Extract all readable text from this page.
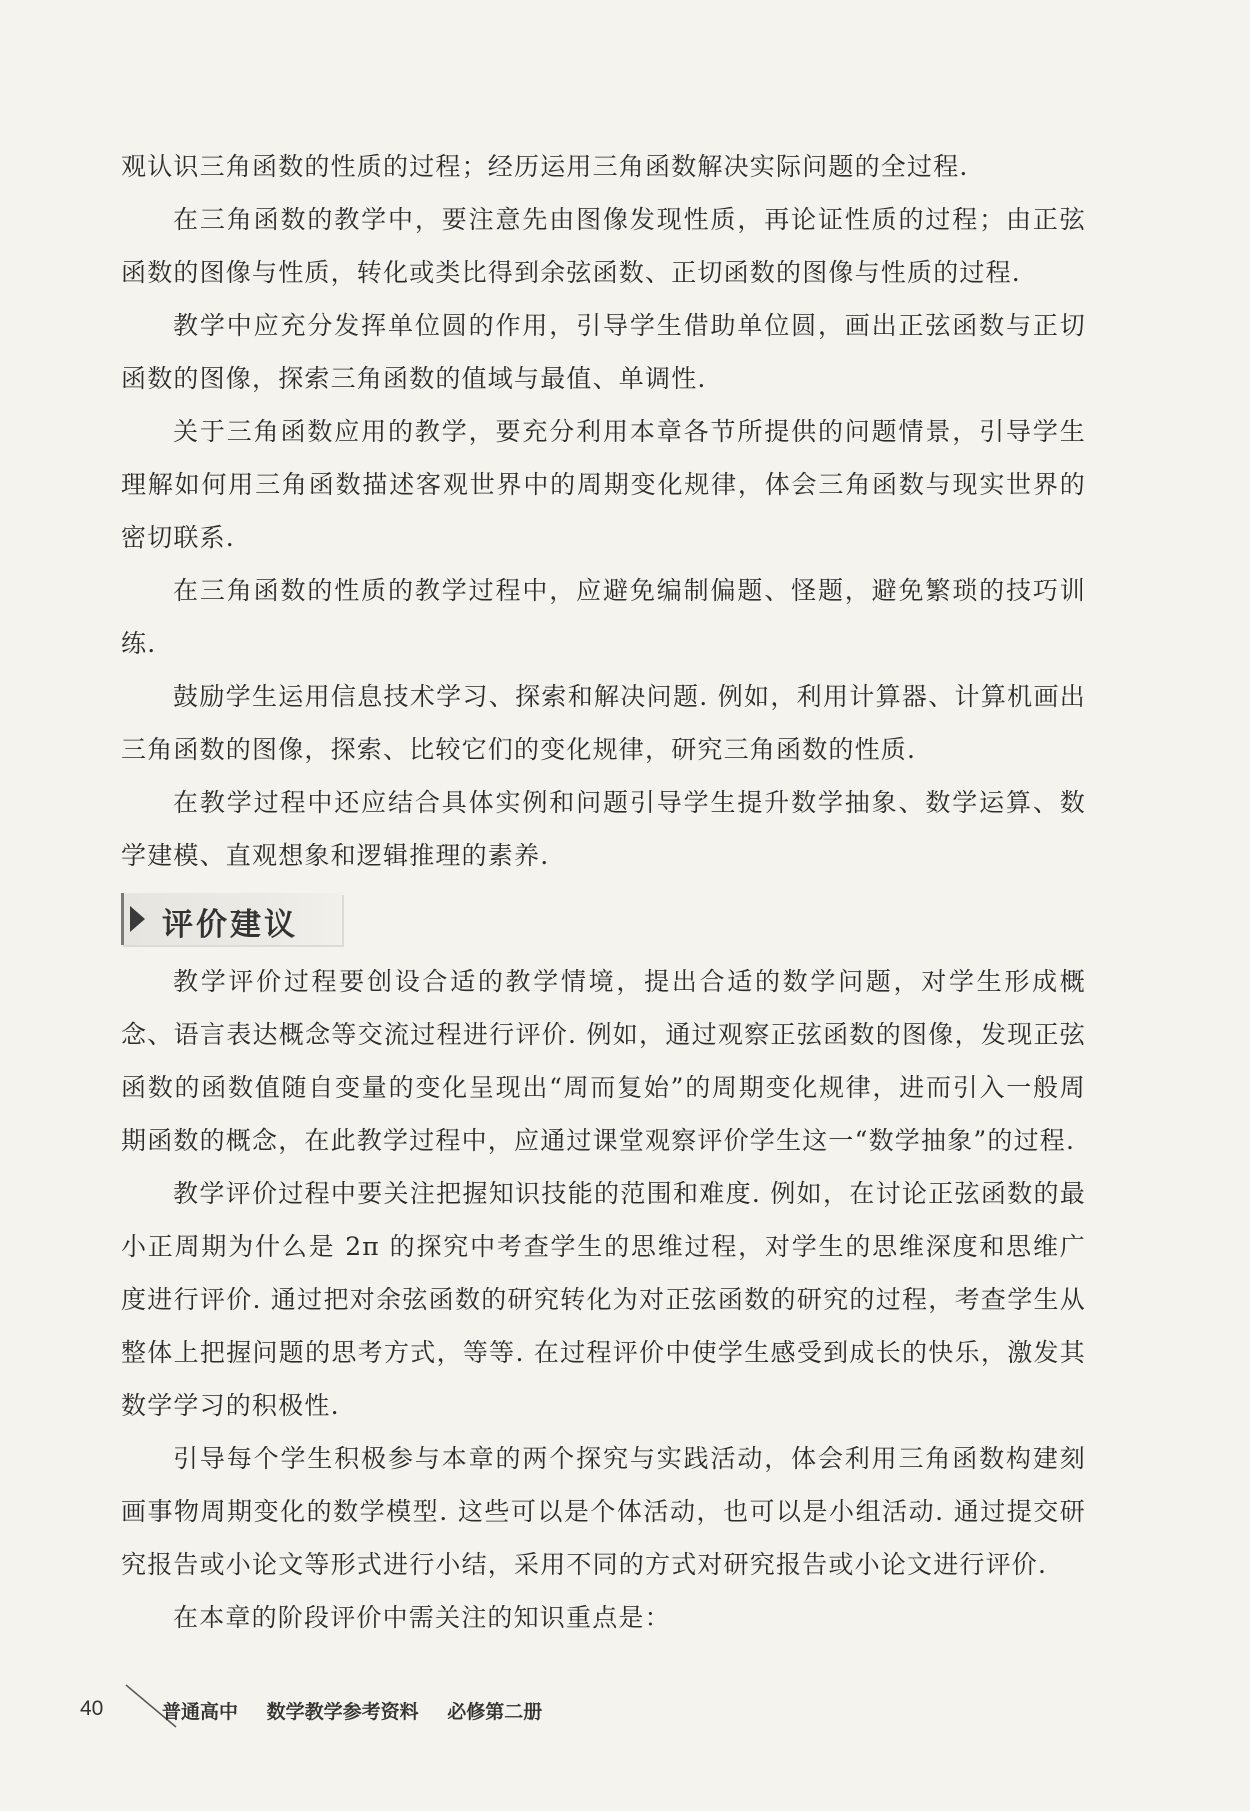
观认识三角函数的性质的过程；经历运用三角函数解决实际问题的全过程.

在三角函数的教学中，要注意先由图像发现性质，再论证性质的过程；由正弦函数的图像与性质，转化或类比得到余弦函数、正切函数的图像与性质的过程.

教学中应充分发挥单位圆的作用，引导学生借助单位圆，画出正弦函数与正切函数的图像，探索三角函数的值域与最值、单调性.

关于三角函数应用的教学，要充分利用本章各节所提供的问题情景，引导学生理解如何用三角函数描述客观世界中的周期变化规律，体会三角函数与现实世界的密切联系.

在三角函数的性质的教学过程中，应避免编制偏题、怪题，避免繁琐的技巧训练.

鼓励学生运用信息技术学习、探索和解决问题. 例如，利用计算器、计算机画出三角函数的图像，探索、比较它们的变化规律，研究三角函数的性质.

在教学过程中还应结合具体实例和问题引导学生提升数学抽象、数学运算、数学建模、直观想象和逻辑推理的素养.

评价建议

教学评价过程要创设合适的教学情境，提出合适的数学问题，对学生形成概念、语言表达概念等交流过程进行评价. 例如，通过观察正弦函数的图像，发现正弦函数的函数值随自变量的变化呈现出“周而复始”的周期变化规律，进而引入一般周期函数的概念，在此教学过程中，应通过课堂观察评价学生这一“数学抽象”的过程.

教学评价过程中要关注把握知识技能的范围和难度. 例如，在讨论正弦函数的最小正周期为什么是 2π 的探究中考查学生的思维过程，对学生的思维深度和思维广度进行评价. 通过把对余弦函数的研究转化为对正弦函数的研究的过程，考查学生从整体上把握问题的思考方式，等等. 在过程评价中使学生感受到成长的快乐，激发其数学学习的积极性.

引导每个学生积极参与本章的两个探究与实践活动，体会利用三角函数构建刻画事物周期变化的数学模型. 这些可以是个体活动，也可以是小组活动. 通过提交研究报告或小论文等形式进行小结，采用不同的方式对研究报告或小论文进行评价.

在本章的阶段评价中需关注的知识重点是：

40	普通高中 数学教学参考资料 必修第二册
